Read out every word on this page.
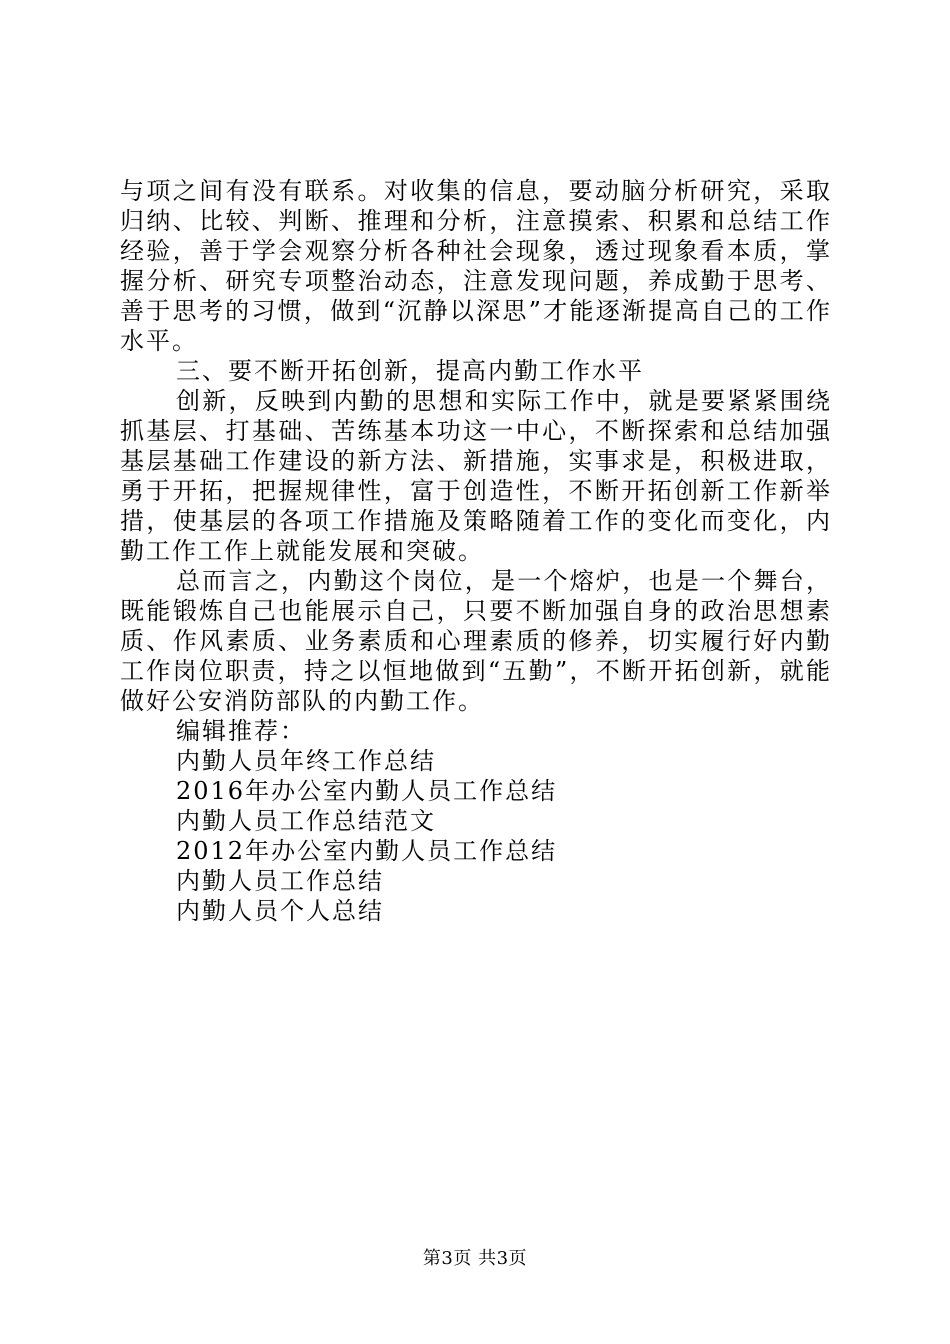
与项之间有没有联系。对收集的信息，要动脑分析研究，采取归纳、比较、判断、推理和分析，注意摸索、积累和总结工作经验，善于学会观察分析各种社会现象，透过现象看本质，掌握分析、研究专项整治动态，注意发现问题，养成勤于思考、善于思考的习惯，做到“沉静以深思”才能逐渐提高自己的工作水平。

三、要不断开拓创新，提高内勤工作水平

创新，反映到内勤的思想和实际工作中，就是要紧紧围绕抓基层、打基础、苦练基本功这一中心，不断探索和总结加强基层基础工作建设的新方法、新措施，实事求是，积极进取，勇于开拓，把握规律性，富于创造性，不断开拓创新工作新举措，使基层的各项工作措施及策略随着工作的变化而变化，内勤工作工作上就能发展和突破。

总而言之，内勤这个岗位，是一个熔炉，也是一个舞台，既能锻炼自己也能展示自己，只要不断加强自身的政治思想素质、作风素质、业务素质和心理素质的修养，切实履行好内勤工作岗位职责，持之以恒地做到“五勤”，不断开拓创新，就能做好公安消防部队的内勤工作。

编辑推荐：

内勤人员年终工作总结
2016年办公室内勤人员工作总结
内勤人员工作总结范文
2012年办公室内勤人员工作总结
内勤人员工作总结
内勤人员个人总结
第3页 共3页
